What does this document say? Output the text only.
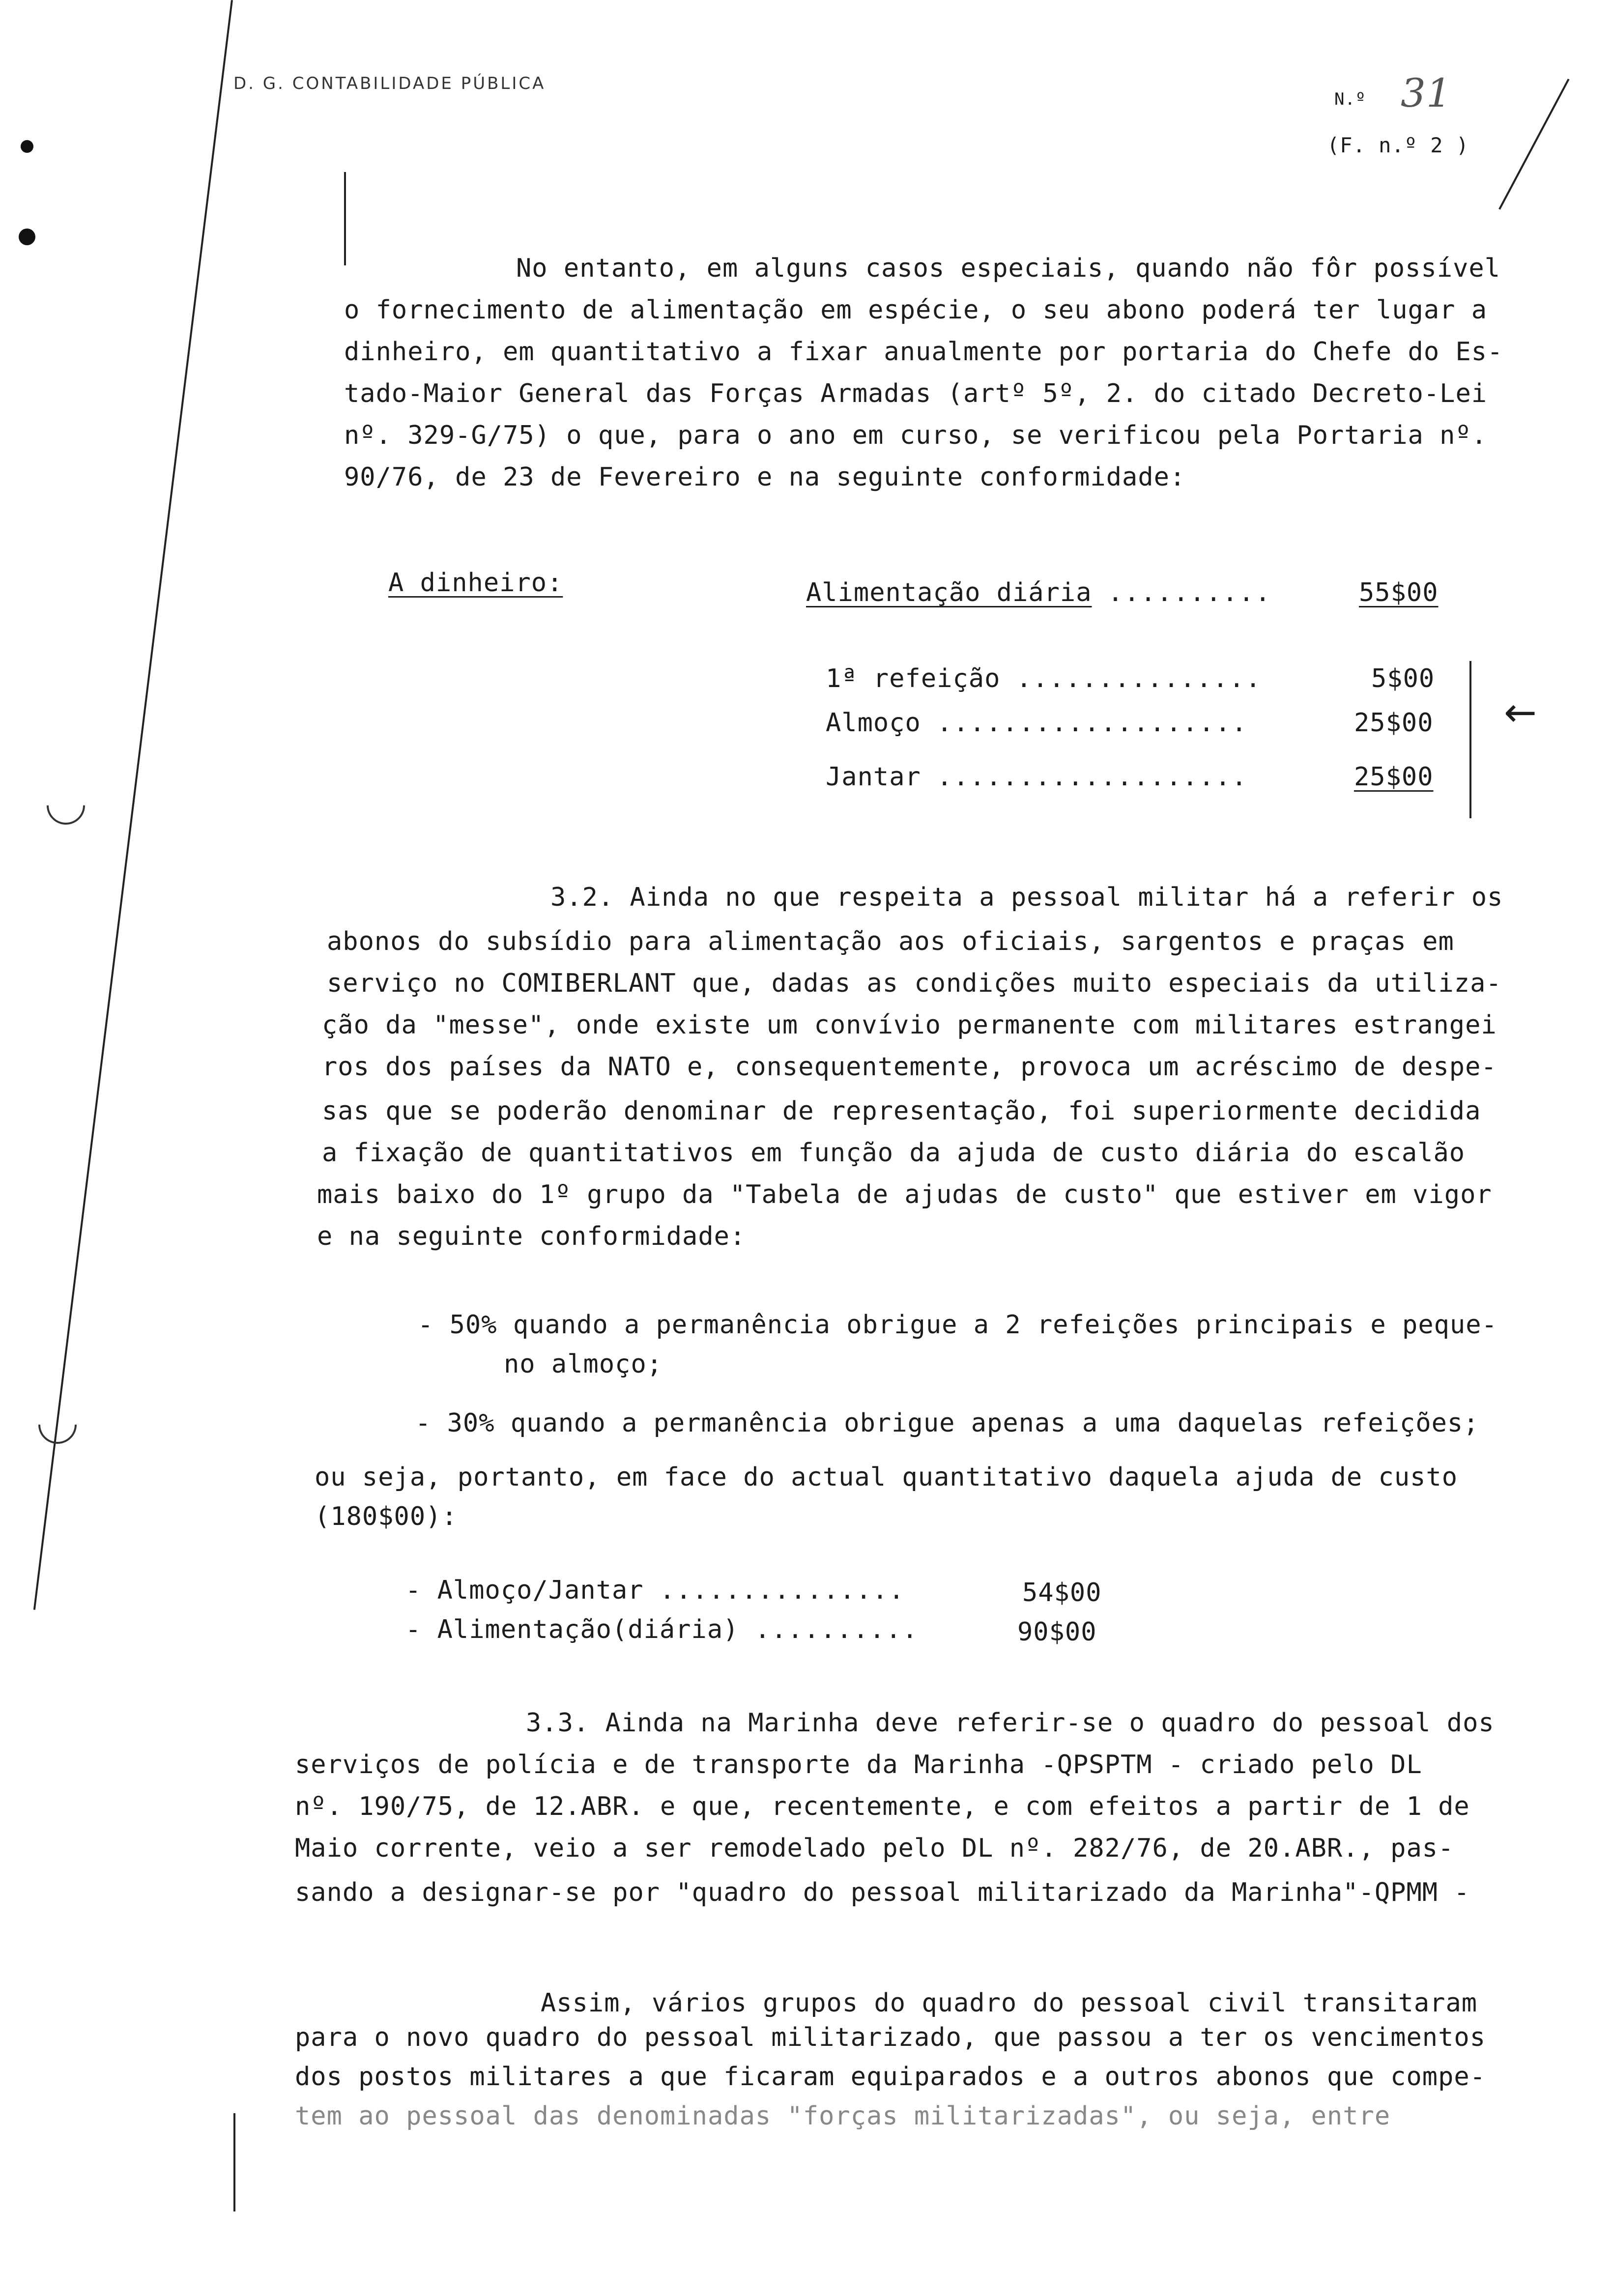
←
D. G. CONTABILIDADE PÚBLICA
N.º 31
(F. n.º 2 )
No entanto, em alguns casos especiais, quando não fôr possível
o fornecimento de alimentação em espécie, o seu abono poderá ter lugar a
dinheiro, em quantitativo a fixar anualmente por portaria do Chefe do Es-
tado-Maior General das Forças Armadas (artº 5º, 2. do citado Decreto-Lei
nº. 329-G/75) o que, para o ano em curso, se verificou pela Portaria nº.
90/76, de 23 de Fevereiro e na seguinte conformidade:
A dinheiro:	Alimentação diária ..........	55$00
1ª refeição ...............	5$00
Almoço ...................	25$00
Jantar ...................	25$00
3.2. Ainda no que respeita a pessoal militar há a referir os
abonos do subsídio para alimentação aos oficiais, sargentos e praças em
serviço no COMIBERLANT que, dadas as condições muito especiais da utiliza-
ção da "messe", onde existe um convívio permanente com militares estrangei
ros dos países da NATO e, consequentemente, provoca um acréscimo de despe-
sas que se poderão denominar de representação, foi superiormente decidida
a fixação de quantitativos em função da ajuda de custo diária do escalão
mais baixo do 1º grupo da "Tabela de ajudas de custo" que estiver em vigor
e na seguinte conformidade:
- 50% quando a permanência obrigue a 2 refeições principais e peque-
no almoço;
- 30% quando a permanência obrigue apenas a uma daquelas refeições;
ou seja, portanto, em face do actual quantitativo daquela ajuda de custo
(180$00):
- Almoço/Jantar ...............	54$00
- Alimentação(diária) ..........	90$00
3.3. Ainda na Marinha deve referir-se o quadro do pessoal dos
serviços de polícia e de transporte da Marinha -QPSPTM - criado pelo DL
nº. 190/75, de 12.ABR. e que, recentemente, e com efeitos a partir de 1 de
Maio corrente, veio a ser remodelado pelo DL nº. 282/76, de 20.ABR., pas-
sando a designar-se por "quadro do pessoal militarizado da Marinha"-QPMM -
Assim, vários grupos do quadro do pessoal civil transitaram
para o novo quadro do pessoal militarizado, que passou a ter os vencimentos
dos postos militares a que ficaram equiparados e a outros abonos que compe-
tem ao pessoal das denominadas "forças militarizadas", ou seja, entre
